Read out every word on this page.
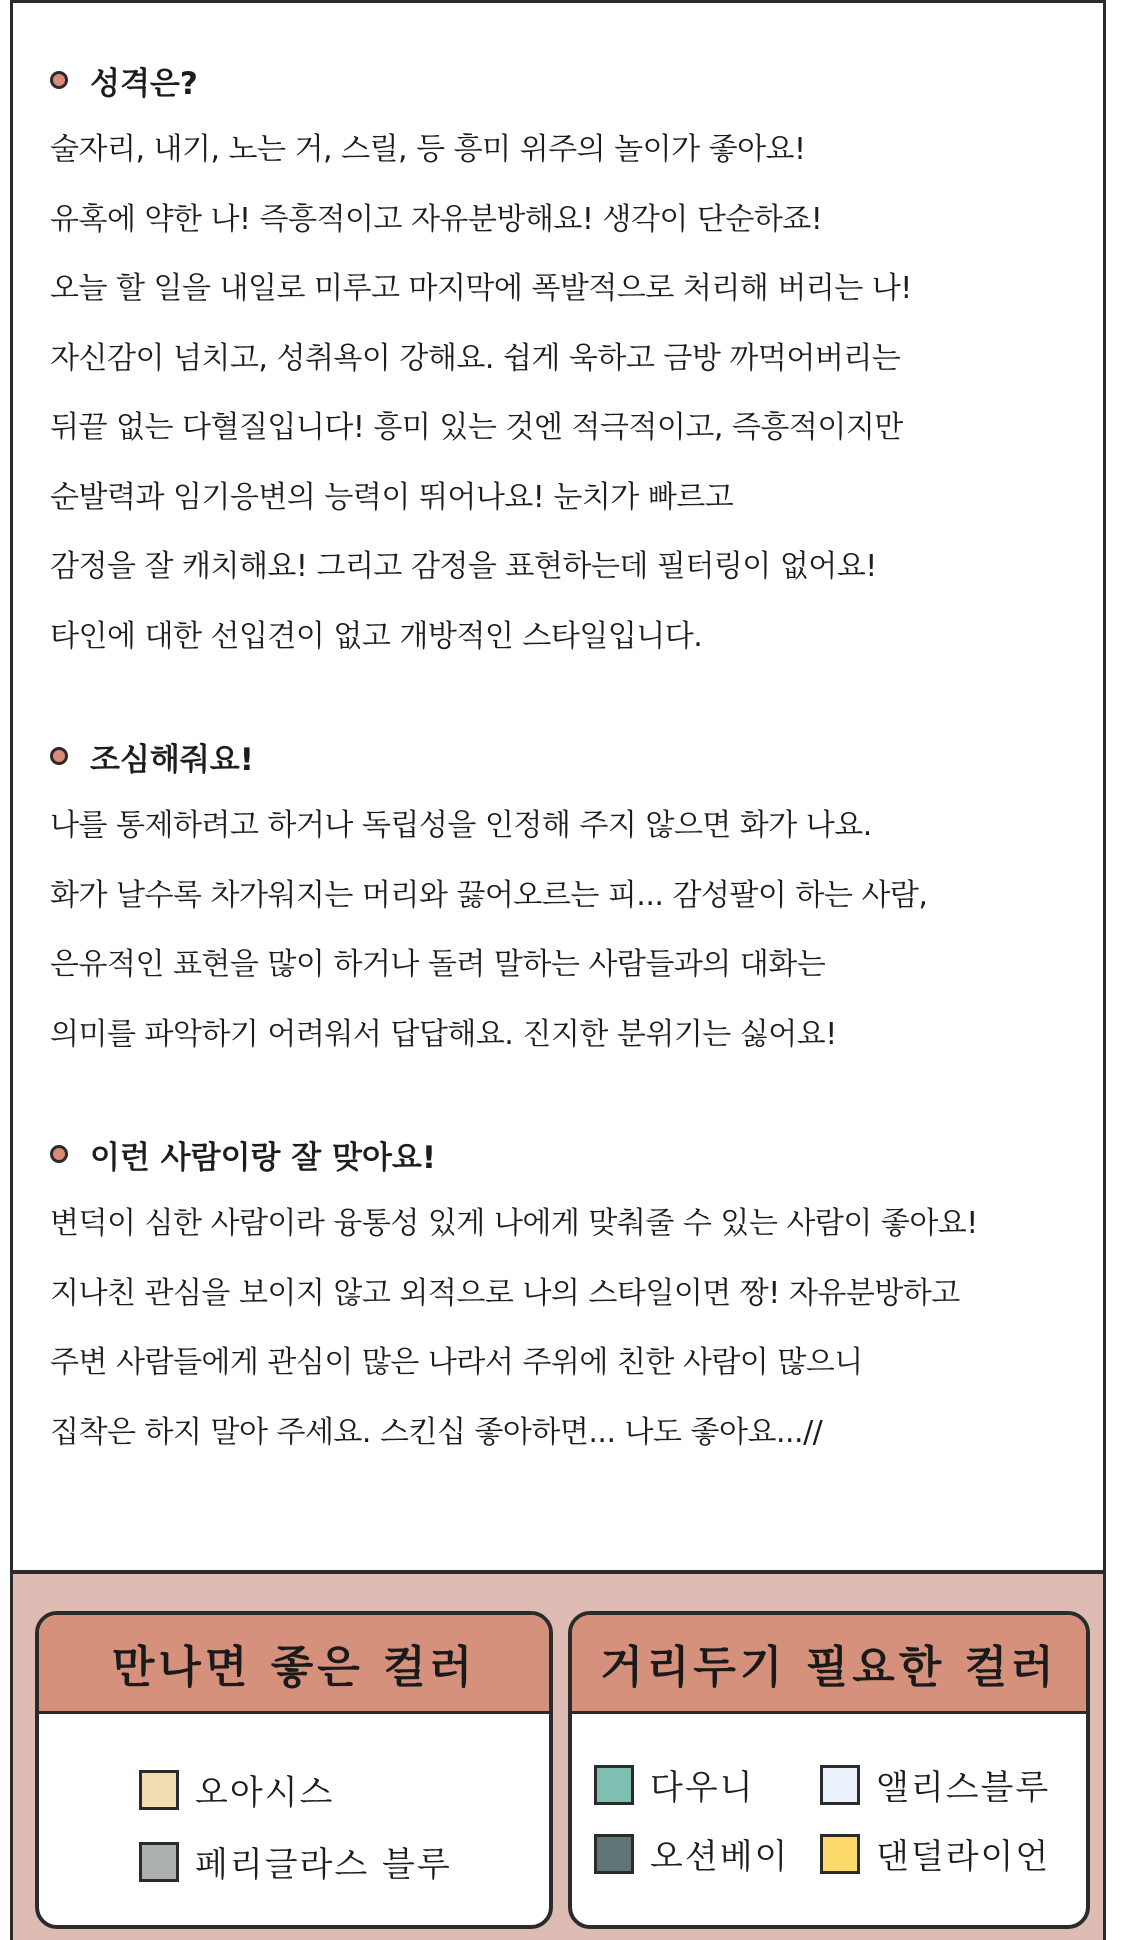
성격은?
술자리, 내기, 노는 거, 스릴, 등 흥미 위주의 놀이가 좋아요!
유혹에 약한 나! 즉흥적이고 자유분방해요! 생각이 단순하죠!
오늘 할 일을 내일로 미루고 마지막에 폭발적으로 처리해 버리는 나!
자신감이 넘치고, 성취욕이 강해요. 쉽게 욱하고 금방 까먹어버리는
뒤끝 없는 다혈질입니다! 흥미 있는 것엔 적극적이고, 즉흥적이지만
순발력과 임기응변의 능력이 뛰어나요! 눈치가 빠르고
감정을 잘 캐치해요! 그리고 감정을 표현하는데 필터링이 없어요!
타인에 대한 선입견이 없고 개방적인 스타일입니다.
조심해줘요!
나를 통제하려고 하거나 독립성을 인정해 주지 않으면 화가 나요.
화가 날수록 차가워지는 머리와 끓어오르는 피... 감성팔이 하는 사람,
은유적인 표현을 많이 하거나 돌려 말하는 사람들과의 대화는
의미를 파악하기 어려워서 답답해요. 진지한 분위기는 싫어요!
이런 사람이랑 잘 맞아요!
변덕이 심한 사람이라 융통성 있게 나에게 맞춰줄 수 있는 사람이 좋아요!
지나친 관심을 보이지 않고 외적으로 나의 스타일이면 짱! 자유분방하고
주변 사람들에게 관심이 많은 나라서 주위에 친한 사람이 많으니
집착은 하지 말아 주세요. 스킨십 좋아하면... 나도 좋아요...//
만나면 좋은 컬러
오아시스
페리글라스 블루
거리두기 필요한 컬러
다우니	앨리스블루
오션베이	댄덜라이언
